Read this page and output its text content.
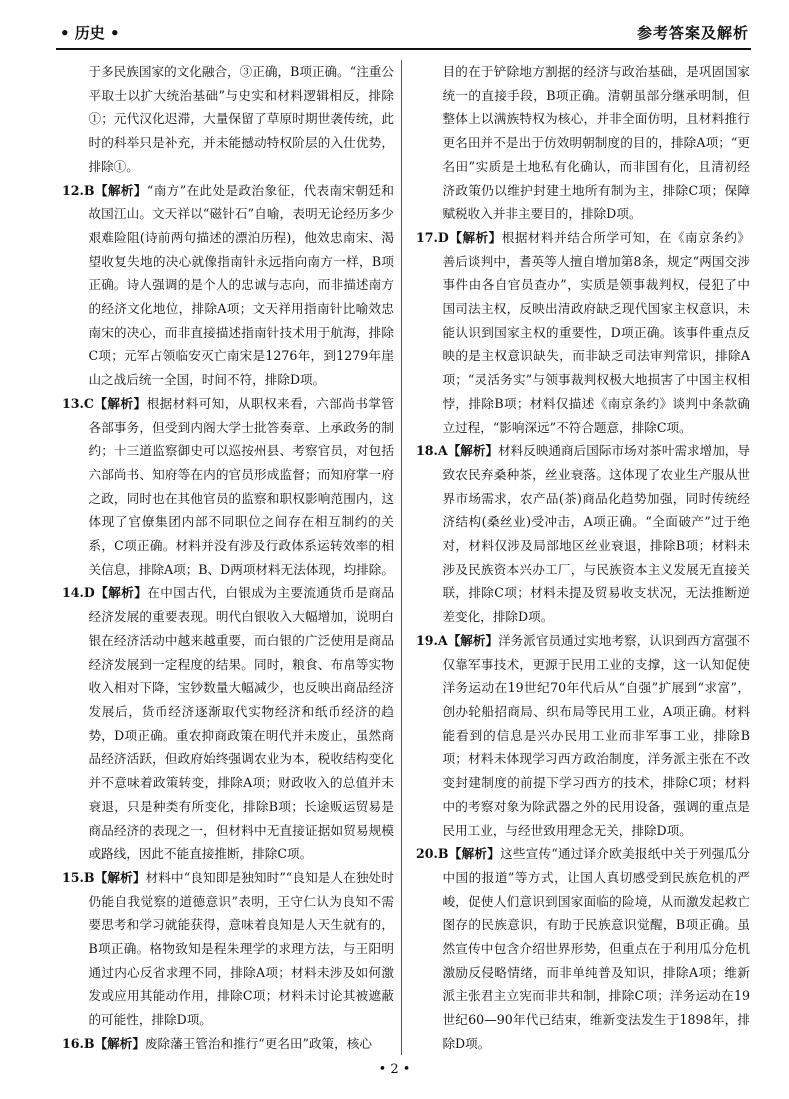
• 历史 •	参考答案及解析

于多民族国家的文化融合，③正确，B项正确。“注重公平取士以扩大统治基础”与史实和材料逻辑相反，排除①；元代汉化迟滞，大量保留了草原时期世袭传统，此时的科举只是补充，并未能撼动特权阶层的入仕优势，排除①。

12.B【解析】“南方”在此处是政治象征，代表南宋朝廷和故国江山。文天祥以“磁针石”自喻，表明无论经历多少艰难险阻(诗前两句描述的漂泊历程)，他效忠南宋、渴望收复失地的决心就像指南针永远指向南方一样，B项正确。诗人强调的是个人的忠诚与志向，而非描述南方的经济文化地位，排除A项；文天祥用指南针比喻效忠南宋的决心，而非直接描述指南针技术用于航海，排除C项；元军占领临安灭亡南宋是1276年，到1279年崖山之战后统一全国，时间不符，排除D项。

13.C【解析】根据材料可知，从职权来看，六部尚书掌管各部事务，但受到内阁大学士批答奏章、上承政务的制约；十三道监察御史可以巡按州县、考察官员，对包括六部尚书、知府等在内的官员形成监督；而知府掌一府之政，同时也在其他官员的监察和职权影响范围内，这体现了官僚集团内部不同职位之间存在相互制约的关系，C项正确。材料并没有涉及行政体系运转效率的相关信息，排除A项；B、D两项材料无法体现，均排除。

14.D【解析】在中国古代，白银成为主要流通货币是商品经济发展的重要表现。明代白银收入大幅增加，说明白银在经济活动中越来越重要，而白银的广泛使用是商品经济发展到一定程度的结果。同时，粮食、布帛等实物收入相对下降，宝钞数量大幅减少，也反映出商品经济发展后，货币经济逐渐取代实物经济和纸币经济的趋势，D项正确。重农抑商政策在明代并未废止，虽然商品经济活跃，但政府始终强调农业为本，税收结构变化并不意味着政策转变，排除A项；财政收入的总值并未衰退，只是种类有所变化，排除B项；长途贩运贸易是商品经济的表现之一，但材料中无直接证据如贸易规模或路线，因此不能直接推断，排除C项。

15.B【解析】材料中“良知即是独知时”“良知是人在独处时仍能自我觉察的道德意识”表明，王守仁认为良知不需要思考和学习就能获得，意味着良知是人天生就有的，B项正确。格物致知是程朱理学的求理方法，与王阳明通过内心反省求理不同，排除A项；材料未涉及如何激发或应用其能动作用，排除C项；材料未讨论其被遮蔽的可能性，排除D项。

16.B【解析】废除藩王管治和推行“更名田”政策，核心

目的在于铲除地方割据的经济与政治基础，是巩固国家统一的直接手段，B项正确。清朝虽部分继承明制，但整体上以满族特权为核心，并非全面仿明，且材料推行更名田并不是出于仿效明朝制度的目的，排除A项；“更名田”实质是土地私有化确认，而非国有化，且清初经济政策仍以维护封建土地所有制为主，排除C项；保障赋税收入并非主要目的，排除D项。

17.D【解析】根据材料并结合所学可知，在《南京条约》善后谈判中，耆英等人擅自增加第8条，规定“两国交涉事件由各自官员查办”，实质是领事裁判权，侵犯了中国司法主权，反映出清政府缺乏现代国家主权意识，未能认识到国家主权的重要性，D项正确。该事件重点反映的是主权意识缺失，而非缺乏司法审判常识，排除A项；“灵活务实”与领事裁判权极大地损害了中国主权相悖，排除B项；材料仅描述《南京条约》谈判中条款确立过程，“影响深远”不符合题意，排除C项。

18.A【解析】材料反映通商后国际市场对茶叶需求增加，导致农民弃桑种茶，丝业衰落。这体现了农业生产服从世界市场需求，农产品(茶)商品化趋势加强，同时传统经济结构(桑丝业)受冲击，A项正确。“全面破产”过于绝对，材料仅涉及局部地区丝业衰退，排除B项；材料未涉及民族资本兴办工厂，与民族资本主义发展无直接关联，排除C项；材料未提及贸易收支状况，无法推断逆差变化，排除D项。

19.A【解析】洋务派官员通过实地考察，认识到西方富强不仅靠军事技术，更源于民用工业的支撑，这一认知促使洋务运动在19世纪70年代后从“自强”扩展到“求富”，创办轮船招商局、织布局等民用工业，A项正确。材料能看到的信息是兴办民用工业而非军事工业，排除B项；材料未体现学习西方政治制度，洋务派主张在不改变封建制度的前提下学习西方的技术，排除C项；材料中的考察对象为除武器之外的民用设备，强调的重点是民用工业，与经世致用理念无关，排除D项。

20.B【解析】这些宣传“通过译介欧美报纸中关于列强瓜分中国的报道”等方式，让国人真切感受到民族危机的严峻，促使人们意识到国家面临的险境，从而激发起救亡图存的民族意识，有助于民族意识觉醒，B项正确。虽然宣传中包含介绍世界形势，但重点在于利用瓜分危机激励反侵略情绪，而非单纯普及知识，排除A项；维新派主张君主立宪而非共和制，排除C项；洋务运动在19世纪60—90年代已结束，维新变法发生于1898年，排除D项。

• 2 •
